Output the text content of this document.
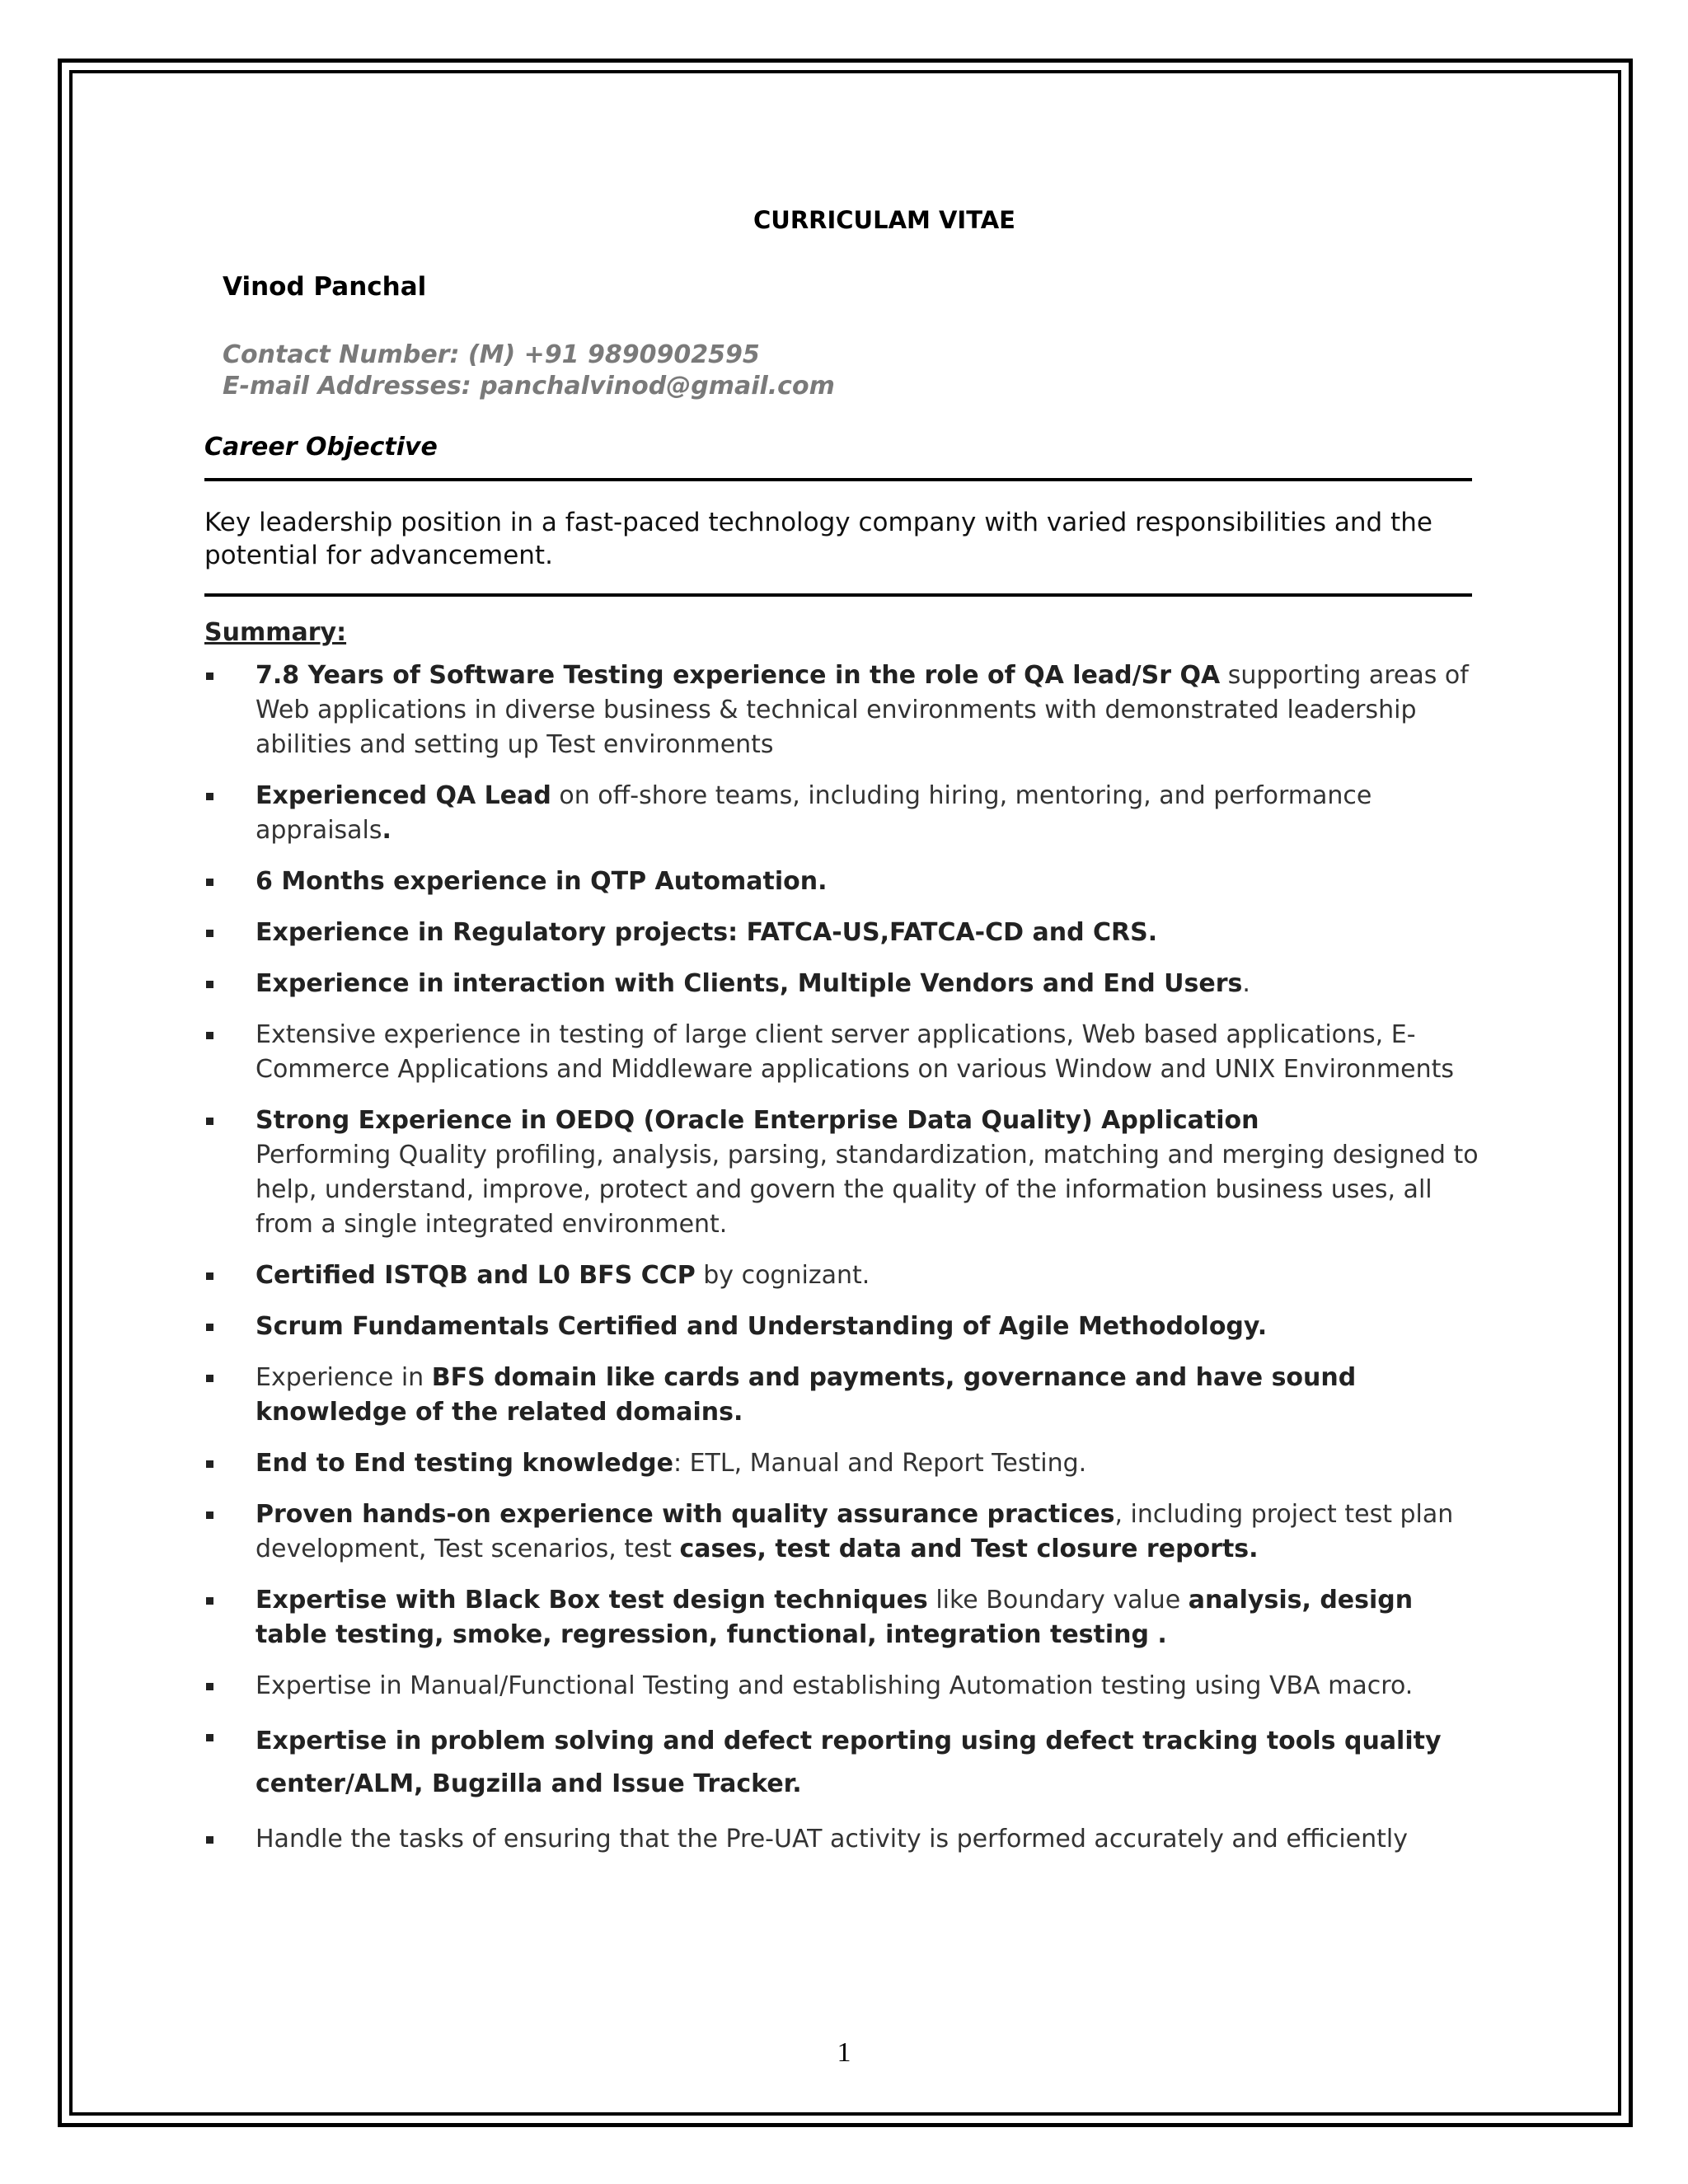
CURRICULAM VITAE
Vinod Panchal
Contact Number: (M) +91 9890902595
E-mail Addresses: panchalvinod@gmail.com
Career Objective
Key leadership position in a fast-paced technology company with varied responsibilities and the potential for advancement.
Summary:
7.8 Years of Software Testing experience in the role of QA lead/Sr QA supporting areas of Web applications in diverse business & technical environments with demonstrated leadership abilities and setting up Test environments
Experienced QA Lead on off-shore teams, including hiring, mentoring, and performance appraisals.
6 Months experience in QTP Automation.
Experience in Regulatory projects: FATCA-US,FATCA-CD and CRS.
Experience in interaction with Clients, Multiple Vendors and End Users.
Extensive experience in testing of large client server applications, Web based applications, E-Commerce Applications and Middleware applications on various Window and UNIX Environments
Strong Experience in OEDQ (Oracle Enterprise Data Quality) Application
Performing Quality profiling, analysis, parsing, standardization, matching and merging designed to help, understand, improve, protect and govern the quality of the information business uses, all from a single integrated environment.
Certified ISTQB and L0 BFS CCP by cognizant.
Scrum Fundamentals Certified and Understanding of Agile Methodology.
Experience in BFS domain like cards and payments, governance and have sound knowledge of the related domains.
End to End testing knowledge: ETL, Manual and Report Testing.
Proven hands-on experience with quality assurance practices, including project test plan development, Test scenarios, test cases, test data and Test closure reports.
Expertise with Black Box test design techniques like Boundary value analysis, design table testing, smoke, regression, functional, integration testing .
Expertise in Manual/Functional Testing and establishing Automation testing using VBA macro.
Expertise in problem solving and defect reporting using defect tracking tools quality center/ALM, Bugzilla and Issue Tracker.
Handle the tasks of ensuring that the Pre-UAT activity is performed accurately and efficiently
1
